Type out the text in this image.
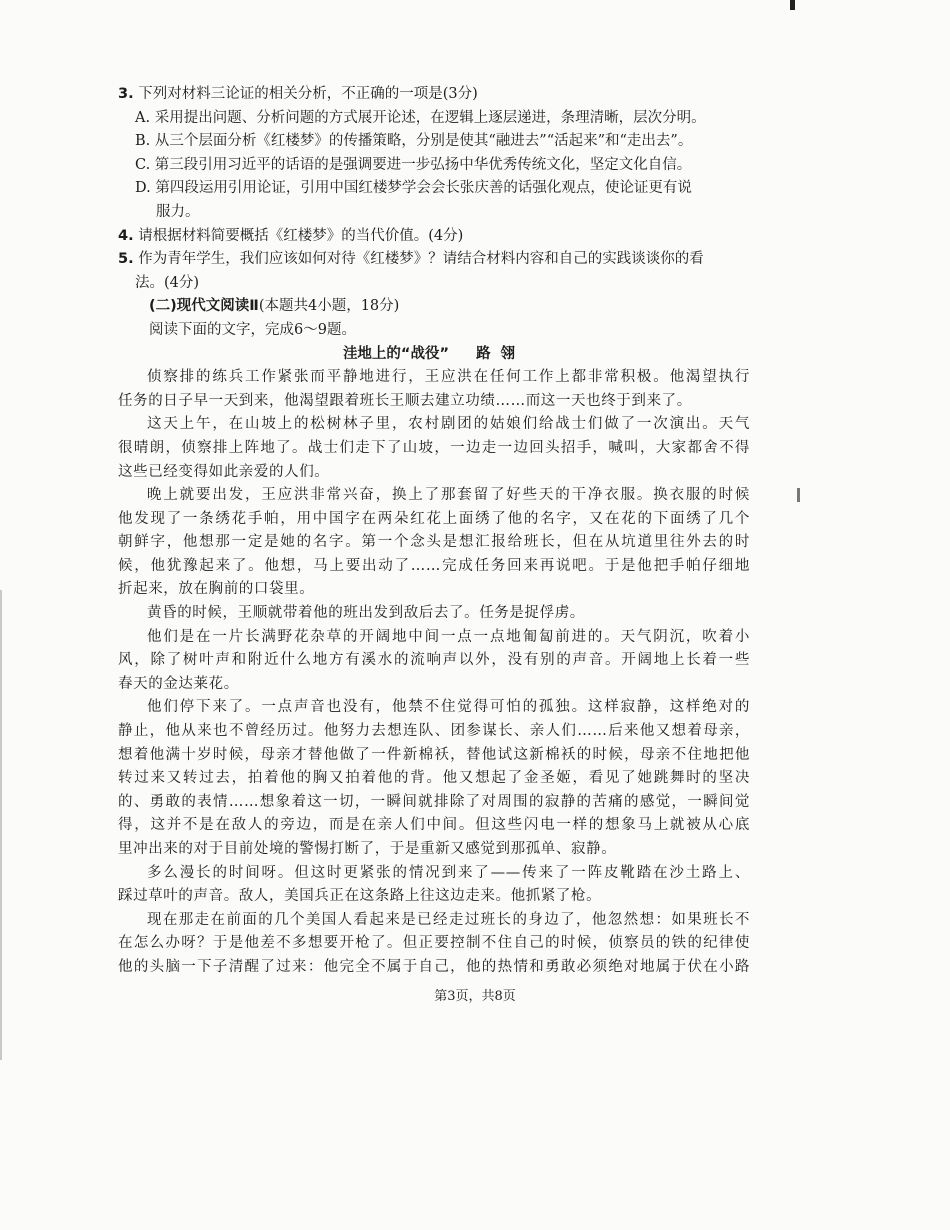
3. 下列对材料三论证的相关分析，不正确的一项是(3分)
A. 采用提出问题、分析问题的方式展开论述，在逻辑上逐层递进，条理清晰，层次分明。
B. 从三个层面分析《红楼梦》的传播策略，分别是使其“融进去”“活起来”和“走出去”。
C. 第三段引用习近平的话语的是强调要进一步弘扬中华优秀传统文化，坚定文化自信。
D. 第四段运用引用论证，引用中国红楼梦学会会长张庆善的话强化观点，使论证更有说
服力。
4. 请根据材料简要概括《红楼梦》的当代价值。(4分)
5. 作为青年学生，我们应该如何对待《红楼梦》？请结合材料内容和自己的实践谈谈你的看
法。(4分)
(二)现代文阅读Ⅱ(本题共4小题，18分)
阅读下面的文字，完成6～9题。
洼地上的“战役” 路翎
侦察排的练兵工作紧张而平静地进行，王应洪在任何工作上都非常积极。他渴望执行
任务的日子早一天到来，他渴望跟着班长王顺去建立功绩……而这一天也终于到来了。
这天上午，在山坡上的松树林子里，农村剧团的姑娘们给战士们做了一次演出。天气
很晴朗，侦察排上阵地了。战士们走下了山坡，一边走一边回头招手，喊叫，大家都舍不得
这些已经变得如此亲爱的人们。
晚上就要出发，王应洪非常兴奋，换上了那套留了好些天的干净衣服。换衣服的时候
他发现了一条绣花手帕，用中国字在两朵红花上面绣了他的名字，又在花的下面绣了几个
朝鲜字，他想那一定是她的名字。第一个念头是想汇报给班长，但在从坑道里往外去的时
候，他犹豫起来了。他想，马上要出动了……完成任务回来再说吧。于是他把手帕仔细地
折起来，放在胸前的口袋里。
黄昏的时候，王顺就带着他的班出发到敌后去了。任务是捉俘虏。
他们是在一片长满野花杂草的开阔地中间一点一点地匍匐前进的。天气阴沉，吹着小
风，除了树叶声和附近什么地方有溪水的流响声以外，没有别的声音。开阔地上长着一些
春天的金达莱花。
他们停下来了。一点声音也没有，他禁不住觉得可怕的孤独。这样寂静，这样绝对的
静止，他从来也不曾经历过。他努力去想连队、团参谋长、亲人们……后来他又想着母亲，
想着他满十岁时候，母亲才替他做了一件新棉袄，替他试这新棉袄的时候，母亲不住地把他
转过来又转过去，拍着他的胸又拍着他的背。他又想起了金圣姬，看见了她跳舞时的坚决
的、勇敢的表情……想象着这一切，一瞬间就排除了对周围的寂静的苦痛的感觉，一瞬间觉
得，这并不是在敌人的旁边，而是在亲人们中间。但这些闪电一样的想象马上就被从心底
里冲出来的对于目前处境的警惕打断了，于是重新又感觉到那孤单、寂静。
多么漫长的时间呀。但这时更紧张的情况到来了——传来了一阵皮靴踏在沙土路上、
踩过草叶的声音。敌人，美国兵正在这条路上往这边走来。他抓紧了枪。
现在那走在前面的几个美国人看起来是已经走过班长的身边了，他忽然想：如果班长不
在怎么办呀？于是他差不多想要开枪了。但正要控制不住自己的时候，侦察员的铁的纪律使
他的头脑一下子清醒了过来：他完全不属于自己，他的热情和勇敢必须绝对地属于伏在小路
第3页，共8页
